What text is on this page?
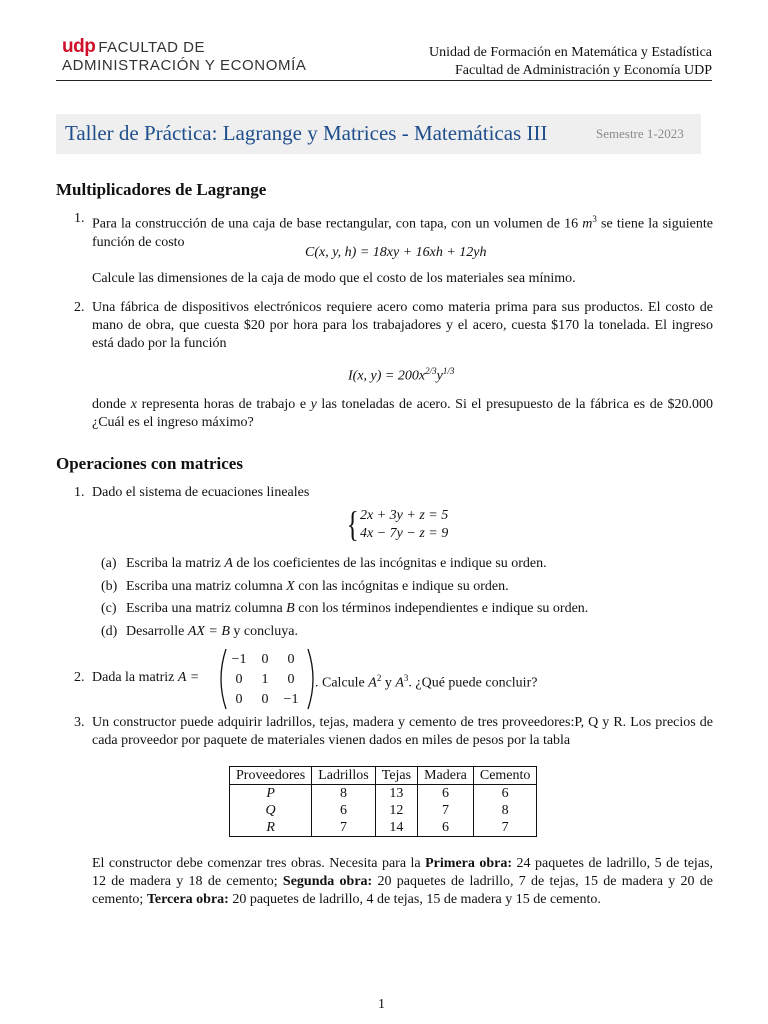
udp FACULTAD DE
ADMINISTRACIÓN Y ECONOMÍA
Unidad de Formación en Matemática y Estadística
Facultad de Administración y Economía UDP
Taller de Práctica: Lagrange y Matrices - Matemáticas III	Semestre 1-2023
Multiplicadores de Lagrange
1. Para la construcción de una caja de base rectangular, con tapa, con un volumen de 16 $m^3$ se tiene la siguiente función de costo
C(x, y, h) = 18xy + 16xh + 12yh
Calcule las dimensiones de la caja de modo que el costo de los materiales sea mínimo.
2. Una fábrica de dispositivos electrónicos requiere acero como materia prima para sus productos. El costo de mano de obra, que cuesta $20 por hora para los trabajadores y el acero, cuesta $170 la tonelada. El ingreso está dado por la función
I(x, $y) = 200x^{2/3}y^{1/3}$
donde x representa horas de trabajo e y las toneladas de acero. Si el presupuesto de la fábrica es de $20.000 ¿Cuál es el ingreso máximo?
Operaciones con matrices
1. Dado el sistema de ecuaciones lineales
{ 2x + 3y + z = 5
4x − 7y − z = 9
(a) Escriba la matriz A de los coeficientes de las incógnitas e indique su orden.
(b) Escriba una matriz columna X con las incógnitas e indique su orden.
(c) Escriba una matriz columna B con los términos independientes e indique su orden.
(d) Desarrolle AX = B y concluya.
2. Dada la matriz A =
−1	0	0
0	1	0
0	0	−1
. Calcule $A^2$ y $A^3$. ¿Qué puede concluir?
3. Un constructor puede adquirir ladrillos, tejas, madera y cemento de tres proveedores:P, Q y R. Los precios de cada proveedor por paquete de materiales vienen dados en miles de pesos por la tabla
Proveedores	Ladrillos	Tejas	Madera	Cemento
P	8	13	6	6
Q	6	12	7	8
R	7	14	6	7
El constructor debe comenzar tres obras. Necesita para la Primera obra: 24 paquetes de ladrillo, 5 de tejas, 12 de madera y 18 de cemento; Segunda obra: 20 paquetes de ladrillo, 7 de tejas, 15 de madera y 20 de cemento; Tercera obra: 20 paquetes de ladrillo, 4 de tejas, 15 de madera y 15 de cemento.
1
